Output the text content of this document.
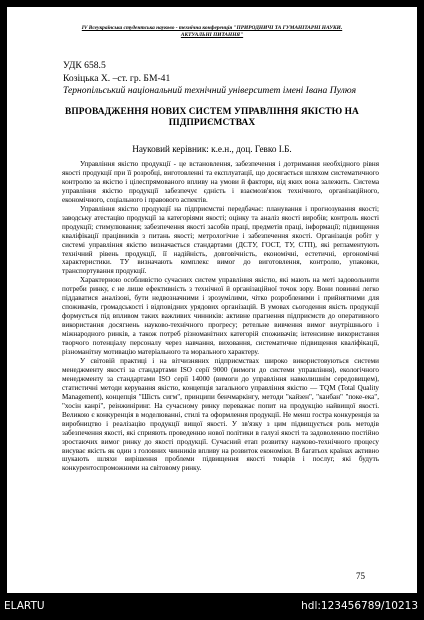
IV Всеукраїнська студентська науково - технічна конференція "ПРИРОДНИЧІ ТА ГУМАНІТАРНІ НАУКИ.
АКТУАЛЬНІ ПИТАННЯ"
УДК 658.5
Козіцька Х. –ст. гр. БМ-41
Тернопільський національний технічний університет імені Івана Пулюя
ВПРОВАДЖЕННЯ НОВИХ СИСТЕМ УПРАВЛІННЯ ЯКІСТЮ НА ПІДПРИЄМСТВАХ
Науковий керівник: к.е.н., доц. Гевко І.Б.

Управління якістю продукції - це встановлення, забезпечення і дотримання необхідного рівня якості продукції при її розробці, виготовленні та експлуатації, що досягається шляхом систематичного контролю за якістю і цілеспрямованого впливу на умови й фактори, від яких вона залежить. Система управління якістю продукції забезпечує єдність і взаємозв'язок технічного, організаційного, економічного, соціального і правового аспектів.

Управління якістю продукції на підприємстві передбачає: планування і прогнозування якості; заводську атестацію продукції за категоріями якості; оцінку та аналіз якості виробів; контроль якості продукції; стимулювання; забезпечення якості засобів праці, предметів праці, інформації; підвищення кваліфікації працівників з питань якості; метрологічне і забезпечення якості. Організація робіт у системі управління якістю визначається стандартами (ДСТУ, ГОСТ, ТУ, СТП), які регламентують технічний рівень продукції, її надійність, довговічність, економічні, естетичні, ергономічні характеристики. ТУ визначають комплекс вимог до виготовлення, контролю, упаковки, транспортування продукції.

Характерною особливістю сучасних систем управління якістю, які мають на меті задовольнити потреби ринку, є не лише ефективність з технічної й організаційної точок зору. Вони повинні легко піддаватися аналізові, бути недвозначними і зрозумілими, чітко розробленими і прийнятними для споживачів, громадськості і відповідних урядових організацій. В умовах сьогодення якість продукції формується під впливом таких важливих чинників: активне прагнення підприємств до оперативного використання досягнень науково-технічного прогресу; ретельне вивчення вимог внутрішнього і міжнародного ринків, а також потреб різноманітних категорій споживачів; інтенсивне використання творчого потенціалу персоналу через навчання, виховання, систематичне підвищення кваліфікації, різноманітну мотивацію матеріального та морального характеру.

У світовій практиці і на вітчизняних підприємствах широко використовуються системи менеджменту якості за стандартами ISO серії 9000 (вимоги до системи управління), екологічного менеджменту за стандартами ISO серії 14000 (вимоги до управління навколишнім середовищем), статистичні методи керування якістю, концепція загального управління якістю — TQM (Total Quality Management), концепція "Шість сигм", принципи бенчмаркінгу, методи "кайзен", "канбан" "поке-ека", "хосін канрі", реінжиніринг. На сучасному ринку переважає попит на продукцію найвищої якості. Великою є конкуренція в моделюванні, стилі та оформлення продукції. Не менш гостра конкуренція за виробництво і реалізацію продукції вищої якості. У зв'язку з цим підвищується роль методів забезпечення якості, які сприяють проведенню нової політики в галузі якості та задоволенню постійно зростаючих вимог ринку до якості продукції. Сучасний етап розвитку науково-технічного процесу висуває якість як один з головних чинників впливу на розвиток економіки. В багатьох країнах активно шукають шляхи вирішення проблеми підвищення якості товарів і послуг, які будуть конкурентоспроможними на світовому ринку.

75
ELARTU	hdl:123456789/10213
